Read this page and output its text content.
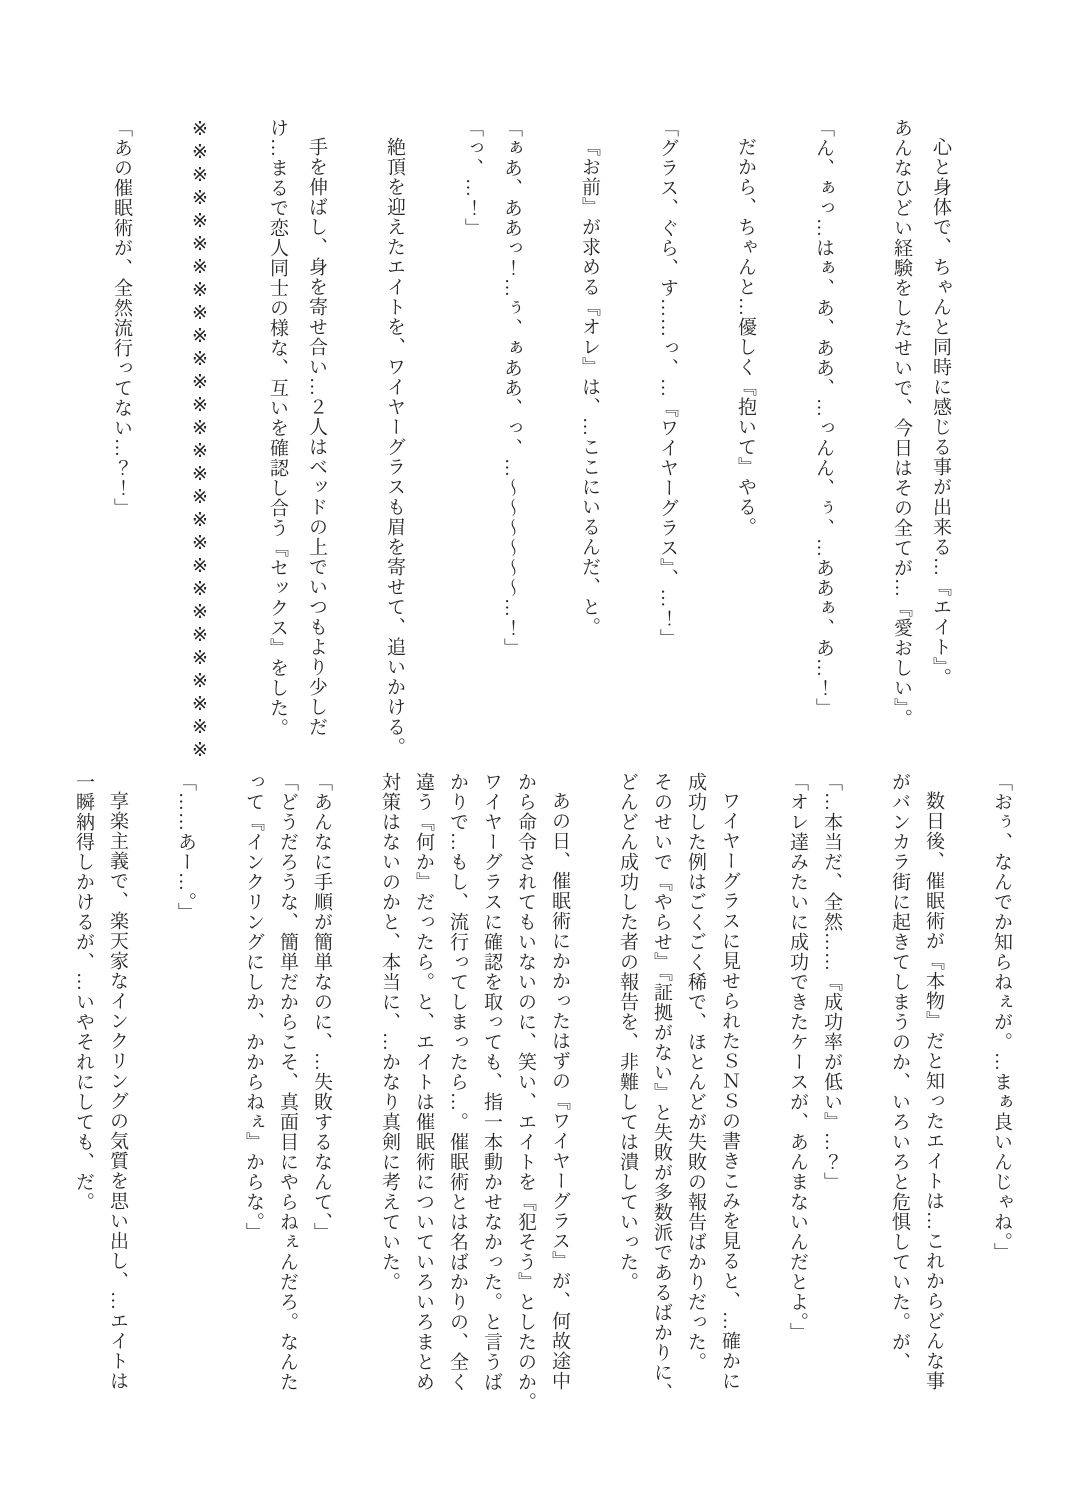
心と身体で、ちゃんと同時に感じる事が出来る…『エイト』。

あんなひどい経験をしたせいで、今日はその全てが…『愛おしい』。

「ん、ぁっ…はぁ、あ、ああ、…っんん、ぅ、…ああぁ、あ…！」

だから、ちゃんと…優しく『抱いて』やる。

「グラス、ぐら、す……っ、…『ワイヤーグラス』、…！」

『お前』が求める『オレ』は、…ここにいるんだ、と。

「ぁあ、ああっ！…ぅ、ぁああ、っ、…～～～～～～…！」

「っ、…！」

絶頂を迎えたエイトを、ワイヤーグラスも眉を寄せて、追いかける。

手を伸ばし、身を寄せ合い…２人はベッドの上でいつもより少しだ

け…まるで恋人同士の様な、互いを確認し合う『セックス』をした。

※※※※※※※※※※※※※※※※※※※※※※※※※※※※

「あの催眠術が、全然流行ってない…？！」

「おぅ、なんでか知らねぇが。…まぁ良いんじゃね。」

数日後、催眠術が『本物』だと知ったエイトは…これからどんな事

がバンカラ街に起きてしまうのか、いろいろと危惧していた。が、

「…本当だ、全然……『成功率が低い』…？」

「オレ達みたいに成功できたケースが、あんまないんだとよ。」

ワイヤーグラスに見せられたＳＮＳの書きこみを見ると、…確かに

成功した例はごくごく稀で、ほとんどが失敗の報告ばかりだった。

そのせいで『やらせ』『証拠がない』と失敗が多数派であるばかりに、

どんどん成功した者の報告を、非難しては潰していった。

あの日、催眠術にかかったはずの『ワイヤーグラス』が、何故途中

から命令されてもいないのに、笑い、エイトを『犯そう』としたのか。

ワイヤーグラスに確認を取っても、指一本動かせなかった。と言うば

かりで…もし、流行ってしまったら…。催眠術とは名ばかりの、全く

違う『何か』だったら。と、エイトは催眠術についていろいろまとめ

対策はないのかと、本当に、…かなり真剣に考えていた。

「あんなに手順が簡単なのに、…失敗するなんて、」

「どうだろうな、簡単だからこそ、真面目にやらねぇんだろ。なんた

って『インクリングにしか、かからねぇ』からな。」

「……あー…。」

享楽主義で、楽天家なインクリングの気質を思い出し、…エイトは

一瞬納得しかけるが、…いやそれにしても、だ。
